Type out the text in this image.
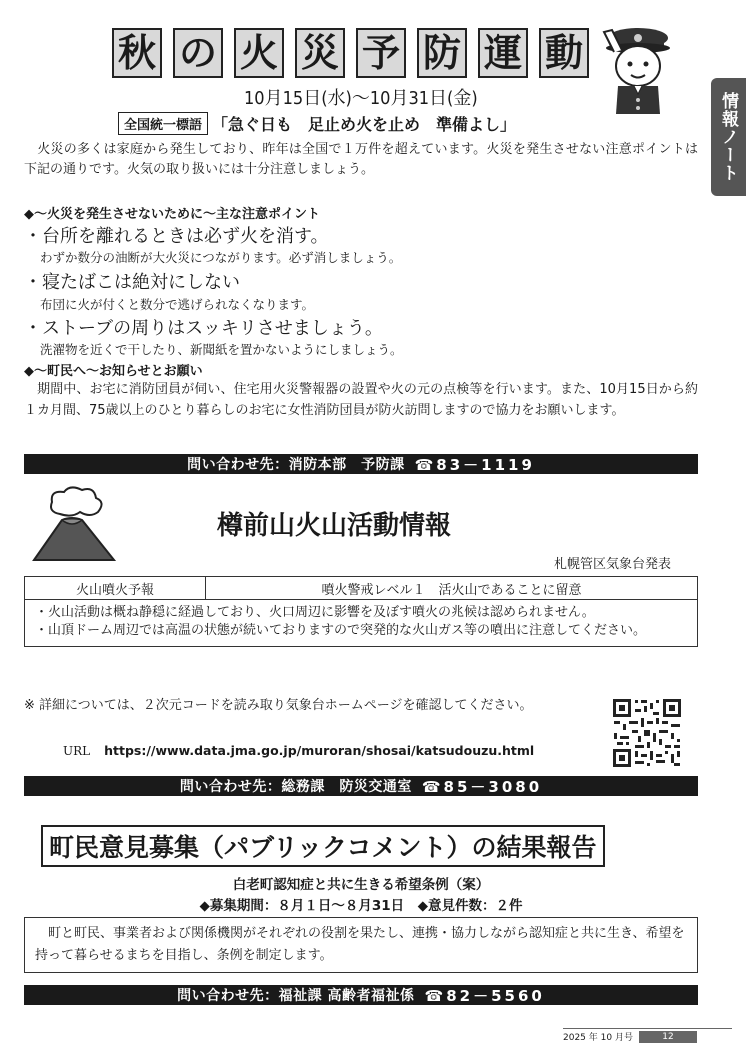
情報ノート
秋 の 火 災 予 防 運 動
10月15日(水)～10月31日(金)
全国統一標語 「急ぐ日も　足止め火を止め　準備よし」
　火災の多くは家庭から発生しており、昨年は全国で１万件を超えています。火災を発生させない注意ポイントは下記の通りです。火気の取り扱いには十分注意しましょう。
◆～火災を発生させないために～主な注意ポイント
・台所を離れるときは必ず火を消す。
わずか数分の油断が大火災につながります。必ず消しましょう。
・寝たばこは絶対にしない
布団に火が付くと数分で逃げられなくなります。
・ストーブの周りはスッキリさせましょう。
洗濯物を近くで干したり、新聞紙を置かないようにしましょう。
◆～町民へ～お知らせとお願い
　期間中、お宅に消防団員が伺い、住宅用火災警報器の設置や火の元の点検等を行います。また、10月15日から約１カ月間、75歳以上のひとり暮らしのお宅に女性消防団員が防火訪問しますので協力をお願いします。
問い合わせ先：消防本部　予防課 ☎83－1119
樽前山火山活動情報
札幌管区気象台発表
火山噴火予報	噴火警戒レベル１　活火山であることに留意
・火山活動は概ね静穏に経過しており、火口周辺に影響を及ぼす噴火の兆候は認められません。
・山頂ドーム周辺では高温の状態が続いておりますので突発的な火山ガス等の噴出に注意してください。
※ 詳細については、２次元コードを読み取り気象台ホームページを確認してください。
URL https://www.data.jma.go.jp/muroran/shosai/katsudouzu.html
問い合わせ先：総務課　防災交通室 ☎85－3080
町民意見募集（パブリックコメント）の結果報告
白老町認知症と共に生きる希望条例（案）
◆募集期間：８月１日～８月31日　◆意見件数：２件
　町と町民、事業者および関係機関がそれぞれの役割を果たし、連携・協力しながら認知症と共に生き、希望を持って暮らせるまちを目指し、条例を制定します。
問い合わせ先：福祉課 高齢者福祉係 ☎82－5560
2025 年 10 月号	12
